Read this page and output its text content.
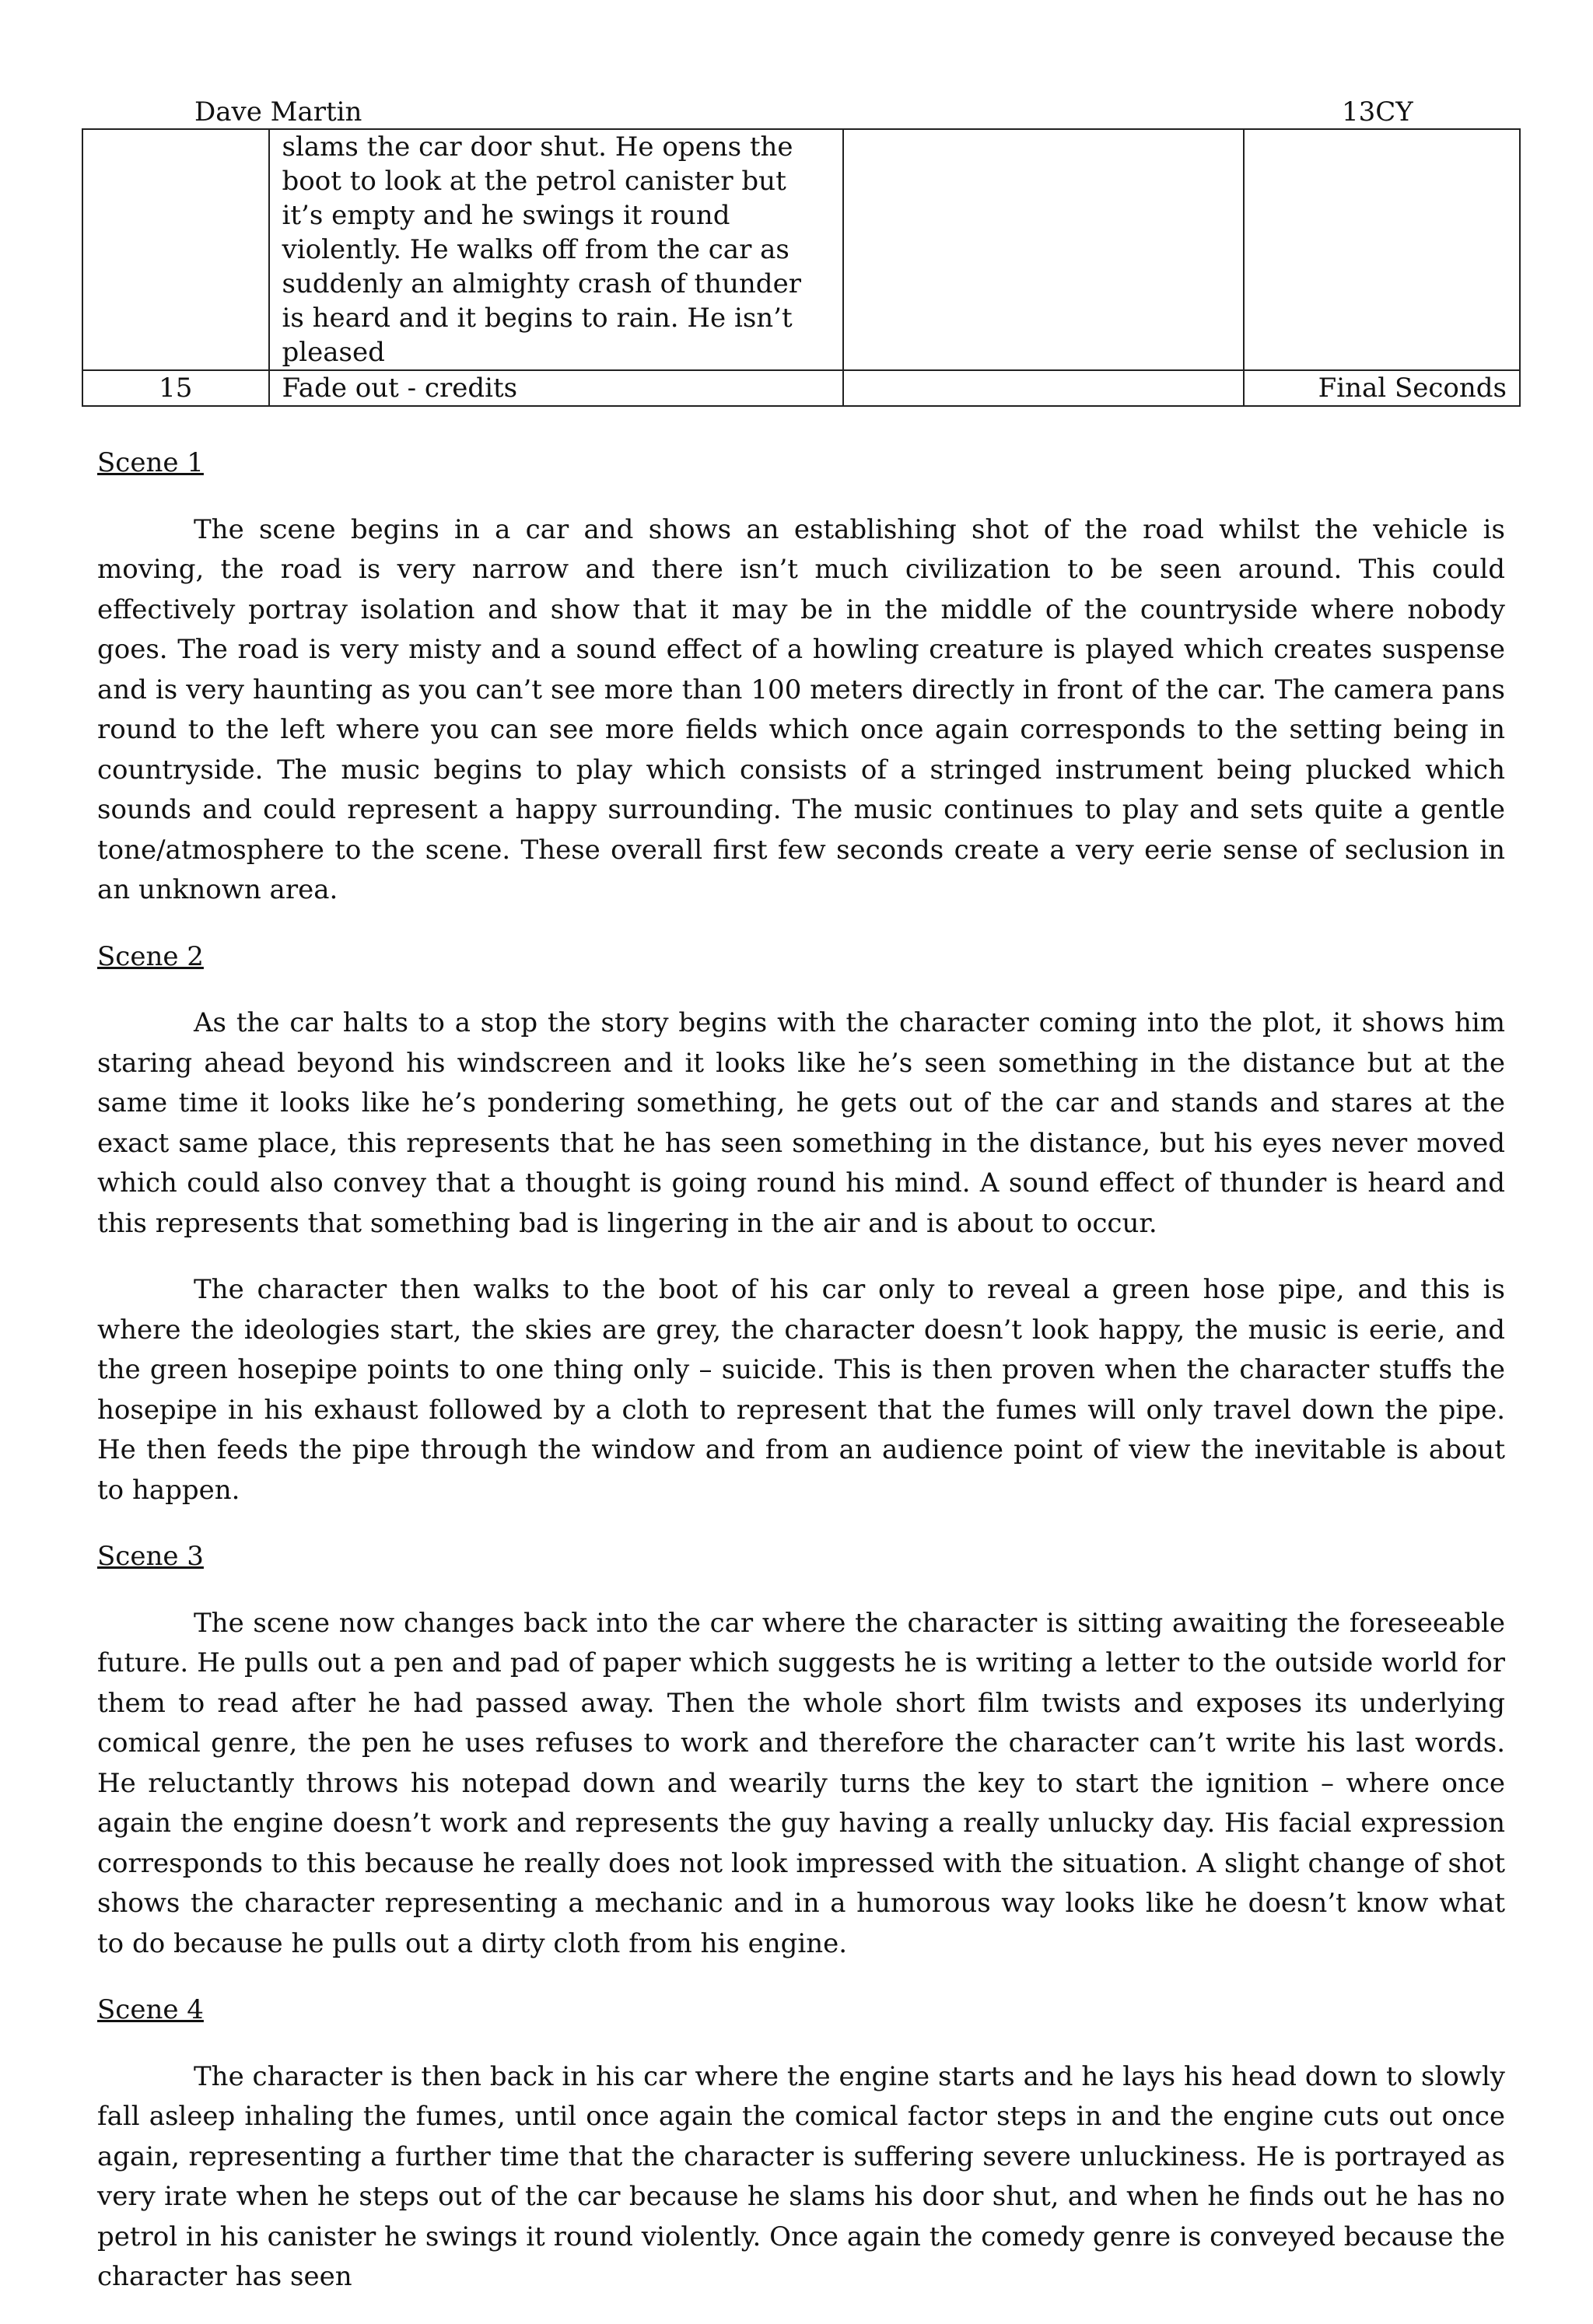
Dave Martin	13CY
	slams the car door shut. He opens the boot to look at the petrol canister but it’s empty and he swings it round violently. He walks off from the car as suddenly an almighty crash of thunder is heard and it begins to rain. He isn’t pleased		
15	Fade out - credits		Final Seconds

Scene 1

The scene begins in a car and shows an establishing shot of the road whilst the vehicle is moving, the road is very narrow and there isn’t much civilization to be seen around. This could effectively portray isolation and show that it may be in the middle of the countryside where nobody goes. The road is very misty and a sound effect of a howling creature is played which creates suspense and is very haunting as you can’t see more than 100 meters directly in front of the car. The camera pans round to the left where you can see more fields which once again corresponds to the setting being in countryside. The music begins to play which consists of a stringed instrument being plucked which sounds and could represent a happy surrounding. The music continues to play and sets quite a gentle tone/atmosphere to the scene. These overall first few seconds create a very eerie sense of seclusion in an unknown area.

Scene 2

As the car halts to a stop the story begins with the character coming into the plot, it shows him staring ahead beyond his windscreen and it looks like he’s seen something in the distance but at the same time it looks like he’s pondering something, he gets out of the car and stands and stares at the exact same place, this represents that he has seen something in the distance, but his eyes never moved which could also convey that a thought is going round his mind. A sound effect of thunder is heard and this represents that something bad is lingering in the air and is about to occur.

The character then walks to the boot of his car only to reveal a green hose pipe, and this is where the ideologies start, the skies are grey, the character doesn’t look happy, the music is eerie, and the green hosepipe points to one thing only – suicide. This is then proven when the character stuffs the hosepipe in his exhaust followed by a cloth to represent that the fumes will only travel down the pipe. He then feeds the pipe through the window and from an audience point of view the inevitable is about to happen.

Scene 3

The scene now changes back into the car where the character is sitting awaiting the foreseeable future. He pulls out a pen and pad of paper which suggests he is writing a letter to the outside world for them to read after he had passed away. Then the whole short film twists and exposes its underlying comical genre, the pen he uses refuses to work and therefore the character can’t write his last words. He reluctantly throws his notepad down and wearily turns the key to start the ignition – where once again the engine doesn’t work and represents the guy having a really unlucky day. His facial expression corresponds to this because he really does not look impressed with the situation. A slight change of shot shows the character representing a mechanic and in a humorous way looks like he doesn’t know what to do because he pulls out a dirty cloth from his engine.

Scene 4

The character is then back in his car where the engine starts and he lays his head down to slowly fall asleep inhaling the fumes, until once again the comical factor steps in and the engine cuts out once again, representing a further time that the character is suffering severe unluckiness. He is portrayed as very irate when he steps out of the car because he slams his door shut, and when he finds out he has no petrol in his canister he swings it round violently. Once again the comedy genre is conveyed because the character has seen
